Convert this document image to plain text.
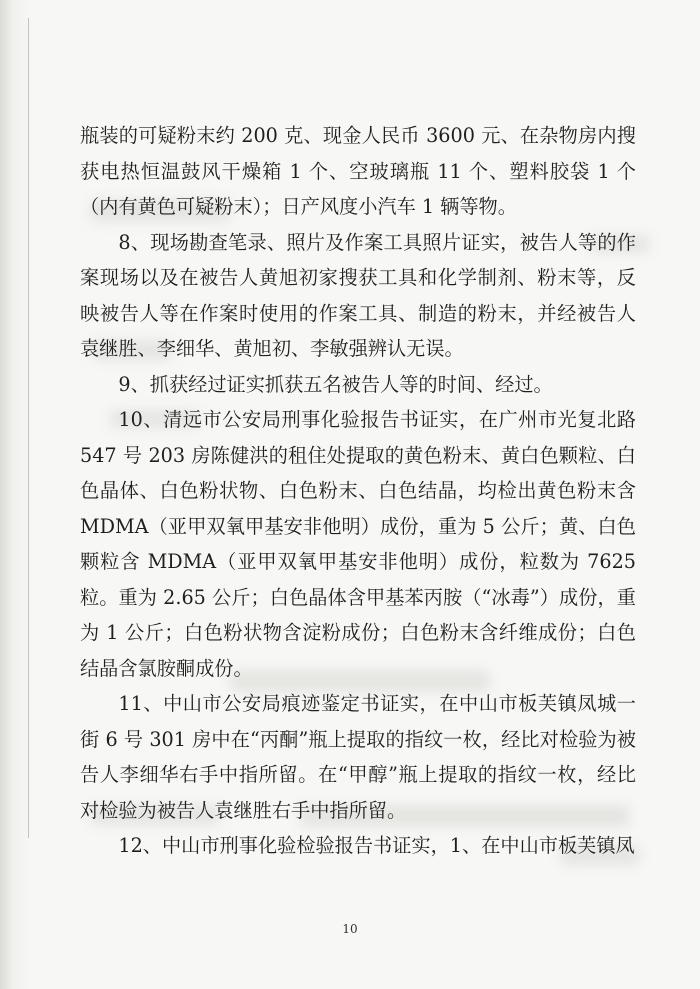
瓶装的可疑粉末约 200 克、现金人民币 3600 元、在杂物房内搜获电热恒温鼓风干燥箱 1 个、空玻璃瓶 11 个、塑料胶袋 1 个（内有黄色可疑粉末）；日产风度小汽车 1 辆等物。

8、现场勘查笔录、照片及作案工具照片证实，被告人等的作案现场以及在被告人黄旭初家搜获工具和化学制剂、粉末等，反映被告人等在作案时使用的作案工具、制造的粉末，并经被告人袁继胜、李细华、黄旭初、李敏强辨认无误。

9、抓获经过证实抓获五名被告人等的时间、经过。

10、清远市公安局刑事化验报告书证实，在广州市光复北路 547 号 203 房陈健洪的租住处提取的黄色粉末、黄白色颗粒、白色晶体、白色粉状物、白色粉末、白色结晶，均检出黄色粉末含 MDMA（亚甲双氧甲基安非他明）成份，重为 5 公斤；黄、白色颗粒含 MDMA（亚甲双氧甲基安非他明）成份，粒数为 7625 粒。重为 2.65 公斤；白色晶体含甲基苯丙胺（“冰毒”）成份，重为 1 公斤；白色粉状物含淀粉成份；白色粉末含纤维成份；白色结晶含氯胺酮成份。

11、中山市公安局痕迹鉴定书证实，在中山市板芙镇凤城一街 6 号 301 房中在“丙酮”瓶上提取的指纹一枚，经比对检验为被告人李细华右手中指所留。在“甲醇”瓶上提取的指纹一枚，经比对检验为被告人袁继胜右手中指所留。

12、中山市刑事化验检验报告书证实，1、在中山市板芙镇凤

10
